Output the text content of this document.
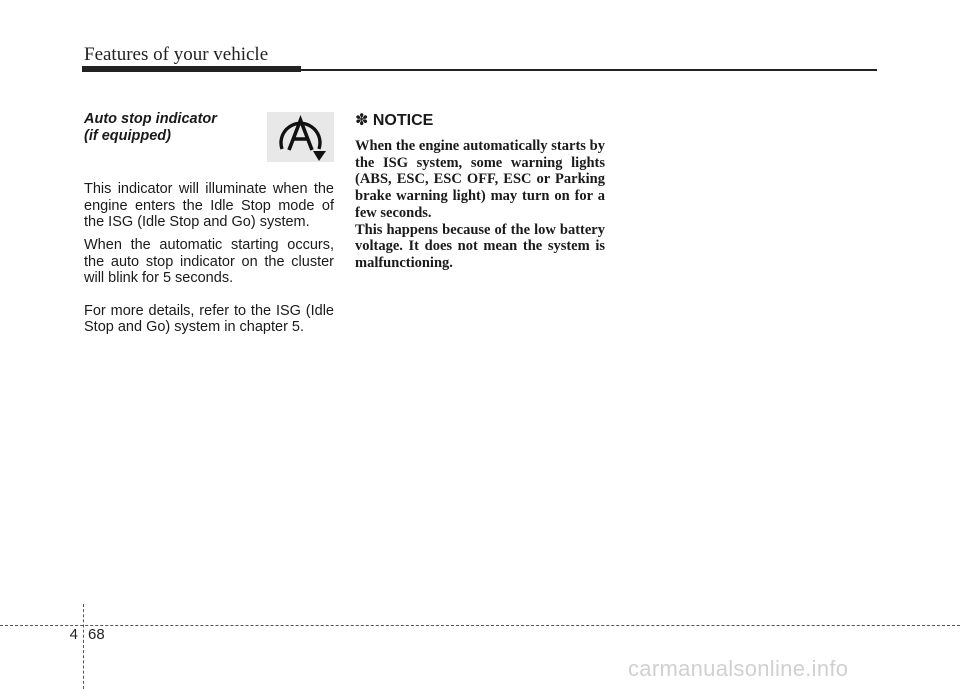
Features of your vehicle

Auto stop indicator
(if equipped)

This indicator will illuminate when the engine enters the Idle Stop mode of the ISG (Idle Stop and Go) system.

When the automatic starting occurs, the auto stop indicator on the cluster will blink for 5 seconds.

For more details, refer to the ISG (Idle Stop and Go) system in chapter 5.

✽ NOTICE

When the engine automatically starts by the ISG system, some warning lights (ABS, ESC, ESC OFF, ESC or Parking brake warning light) may turn on for a few seconds.

This happens because of the low battery voltage. It does not mean the system is malfunctioning.

4 68
carmanualsonline.info
